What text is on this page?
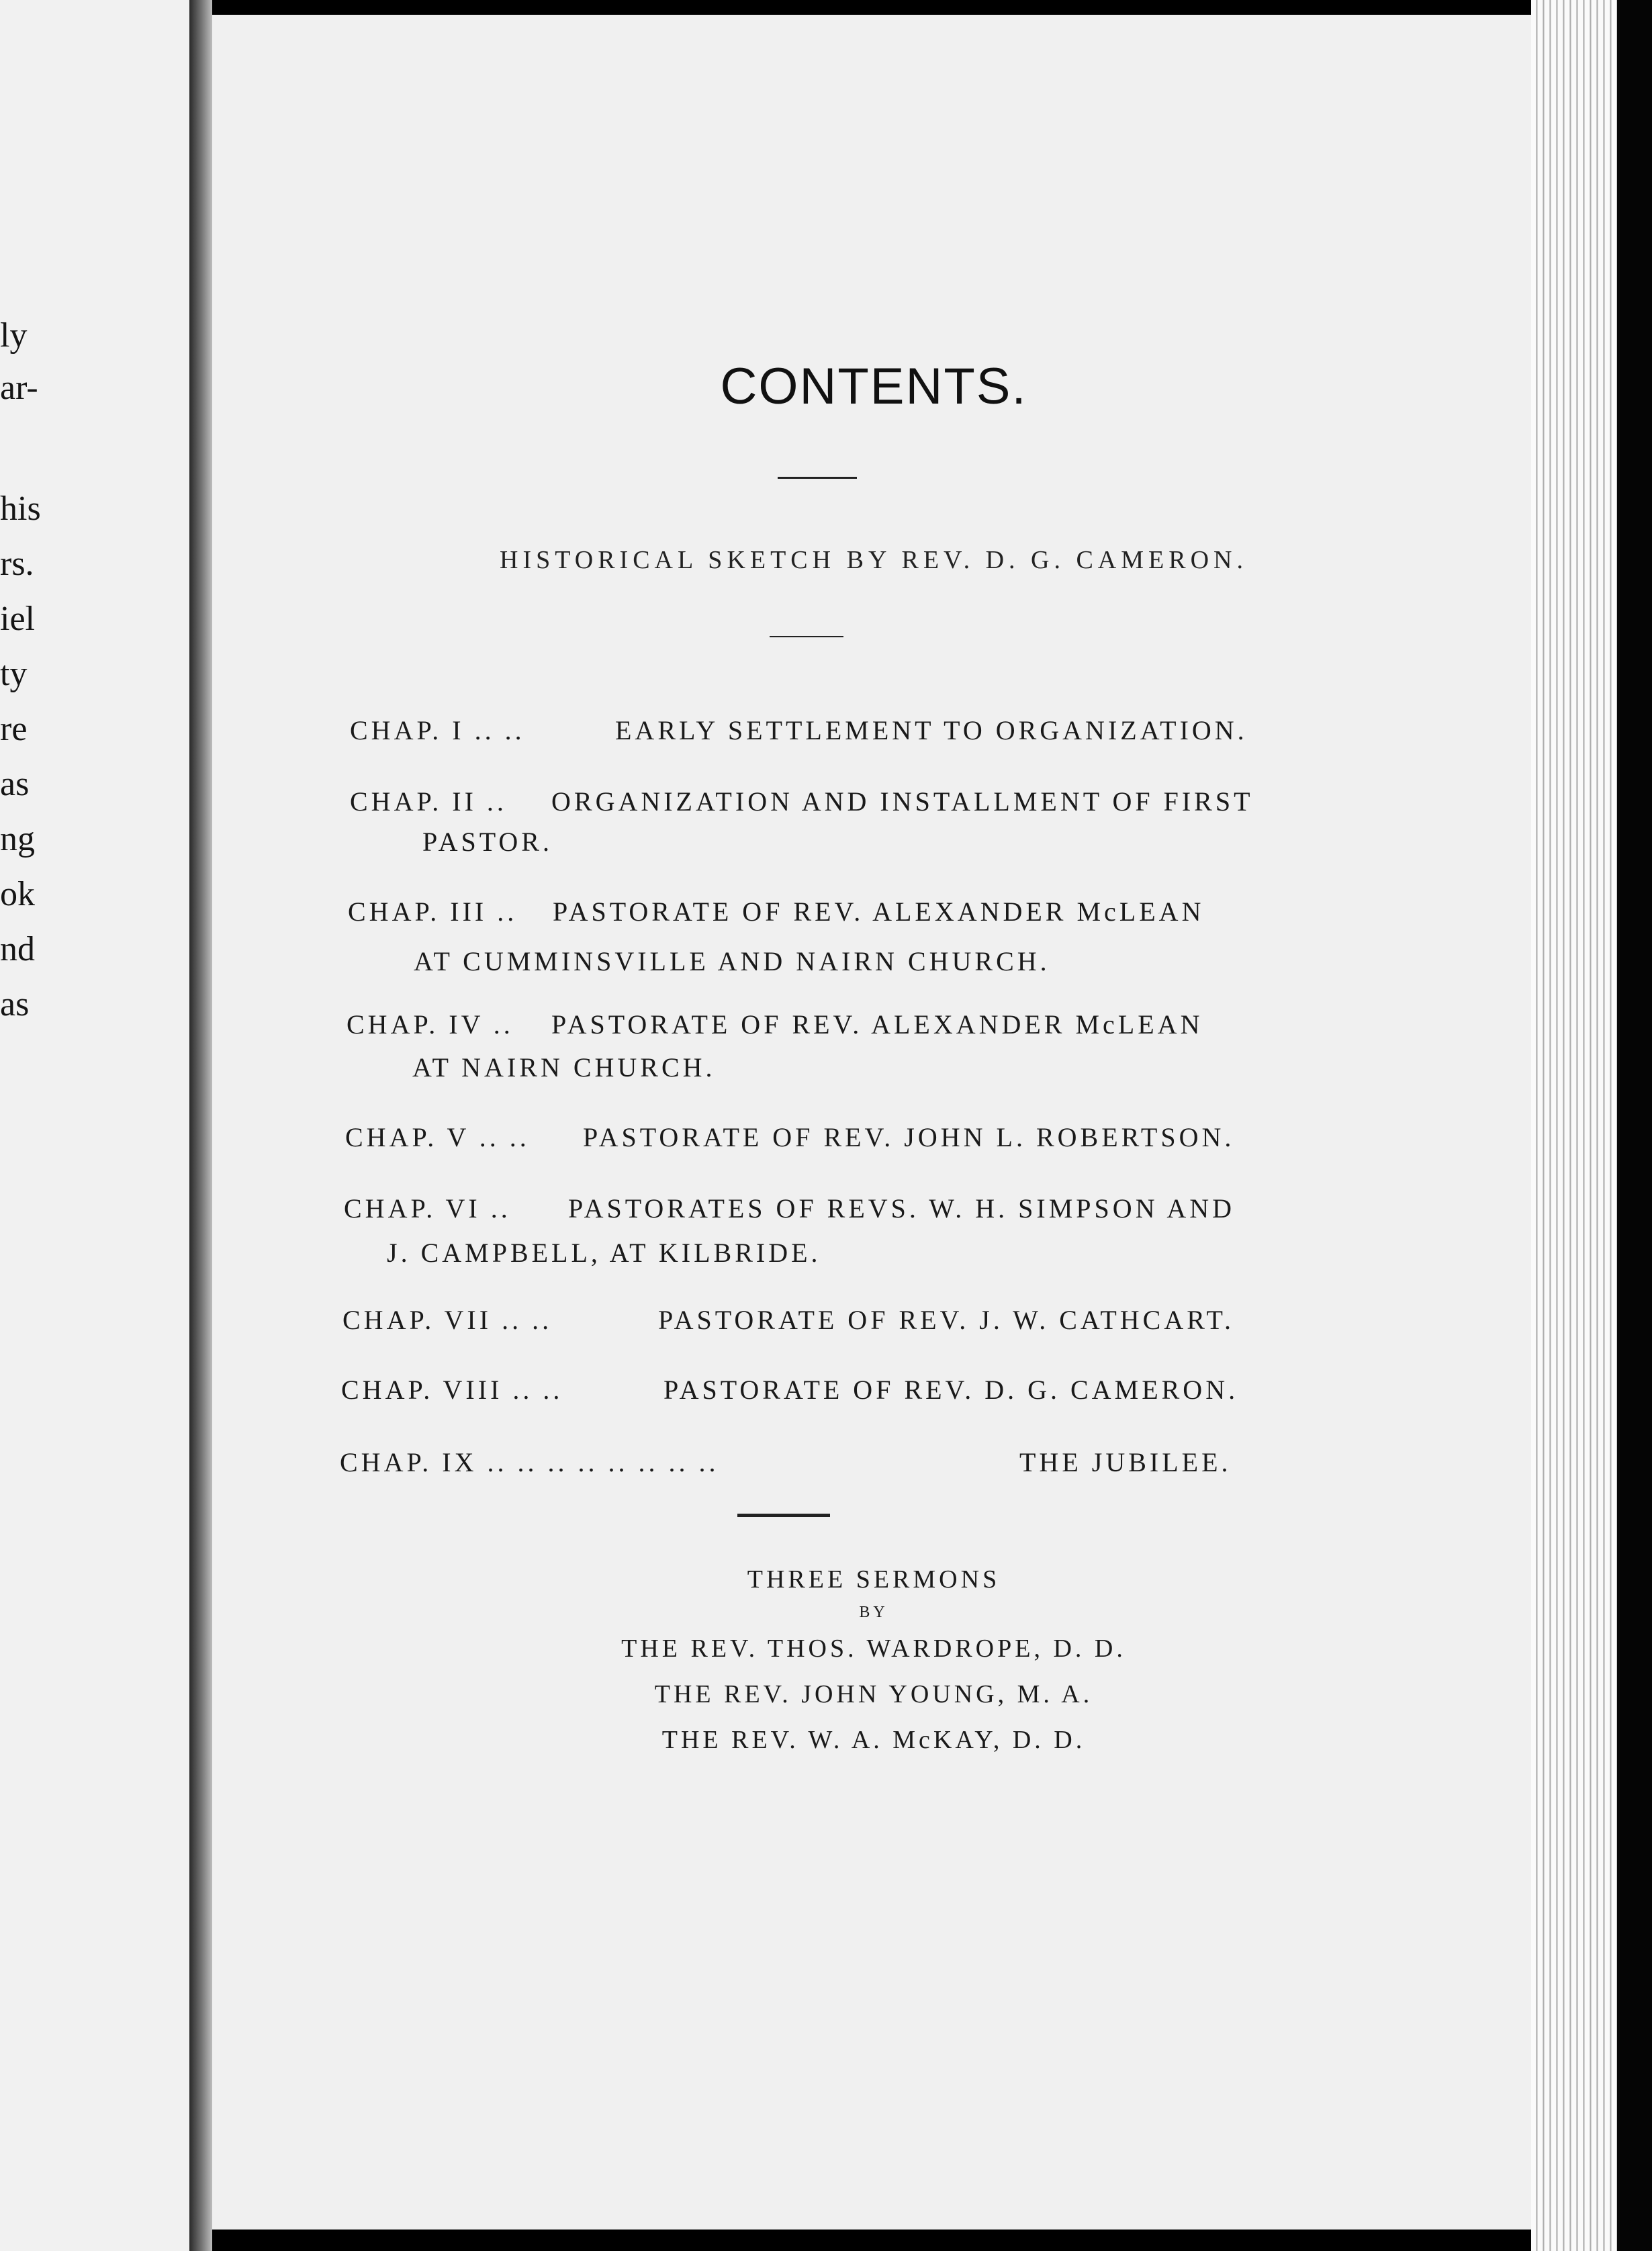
ly
ar-
his
rs.
iel
ty
re
as
ng
ok
nd
as
CONTENTS.
HISTORICAL SKETCH BY REV. D. G. CAMERON.
CHAP. I .. ..	EARLY SETTLEMENT TO ORGANIZATION.
CHAP. II .. ORGANIZATION AND INSTALLMENT OF FIRST
PASTOR.
CHAP. III .. PASTORATE OF REV. ALEXANDER McLEAN
AT CUMMINSVILLE AND NAIRN CHURCH.
CHAP. IV .. PASTORATE OF REV. ALEXANDER McLEAN
AT NAIRN CHURCH.
CHAP. V .. .. PASTORATE OF REV. JOHN L. ROBERTSON.
CHAP. VI .. PASTORATES OF REVS. W. H. SIMPSON AND
J. CAMPBELL, AT KILBRIDE.
CHAP. VII .. ..	PASTORATE OF REV. J. W. CATHCART.
CHAP. VIII .. ..	PASTORATE OF REV. D. G. CAMERON.
CHAP. IX .. .. .. .. .. .. .. ..	THE JUBILEE.
THREE SERMONS
BY
THE REV. THOS. WARDROPE, D. D.
THE REV. JOHN YOUNG, M. A.
THE REV. W. A. McKAY, D. D.
